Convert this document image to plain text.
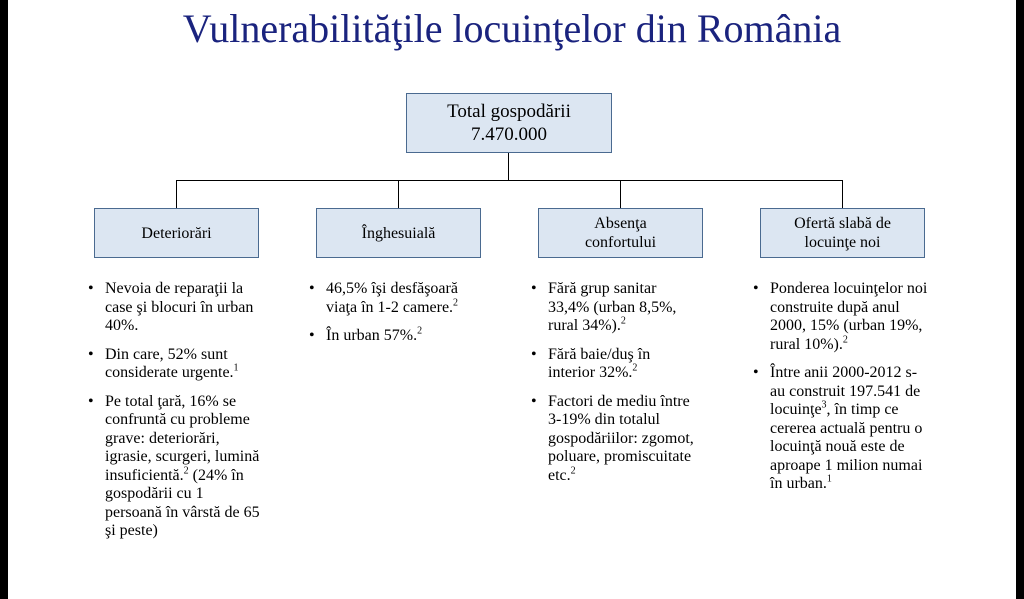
Vulnerabilităţile locuinţelor din România
Total gospodării
7.470.000
Deteriorări	Înghesuială
Absenţa confortului
Ofertă slabă de locuinţe noi
• Nevoia de reparaţii la case şi blocuri în urban 40%.
• Din care, 52% sunt considerate urgente.$^1$
• Pe total ţară, 16% se confruntă cu probleme grave: deteriorări, igrasie, scurgeri, lumină insuficientă.$^2$ (24% în gospodării cu 1 persoană în vârstă de 65 şi peste)
• 46,5% îşi desfăşoară viaţa în 1-2 camere.$^2$
• În urban 57%.$^2$
• Fără grup sanitar 33,4% (urban 8,5%, rural 34%).$^2$
• Fără baie/duş în interior 32%.$^2$
• Factori de mediu între 3-19% din totalul gospodăriilor: zgomot, poluare, promiscuitate etc.$^2$
• Ponderea locuinţelor noi construite după anul 2000, 15% (urban 19%, rural 10%).$^2$
• Între anii 2000-2012 s-au construit 197.541 de locuinţe$^3$, în timp ce cererea actuală pentru o locuinţă nouă este de aproape 1 milion numai în urban.$^1$
